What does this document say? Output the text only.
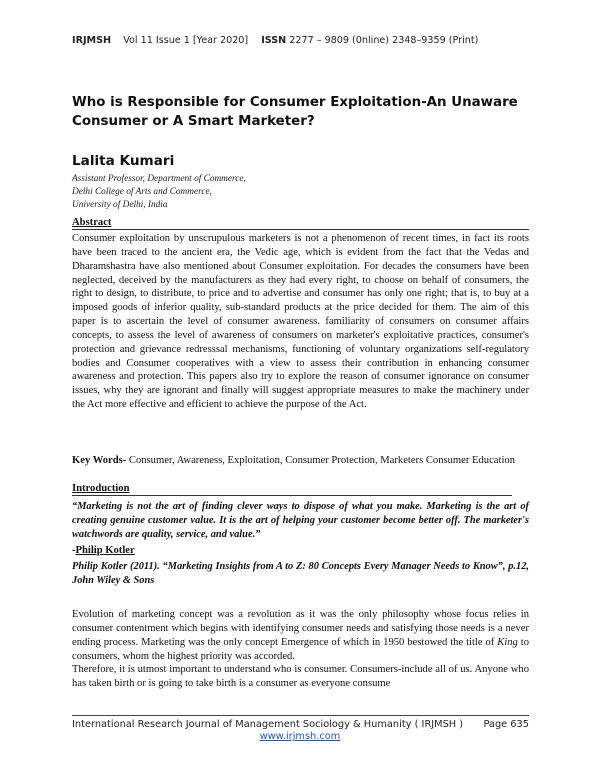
IRJMSH Vol 11 Issue 1 [Year 2020] ISSN 2277 – 9809 (0nline) 2348–9359 (Print)
Who is Responsible for Consumer Exploitation-An Unaware Consumer or A Smart Marketer?
Lalita Kumari
Assistant Professor, Department of Commerce,
Delhi College of Arts and Commerce,
University of Delhi, India
Abstract
Consumer exploitation by unscrupulous marketers is not a phenomenon of recent times, in fact its roots have been traced to the ancient era, the Vedic age, which is evident from the fact that the Vedas and Dharamshastra have also mentioned about Consumer exploitation. For decades the consumers have been neglected, deceived by the manufacturers as they had every right, to choose on behalf of consumers, the right to design, to distribute, to price and to advertise and consumer has only one right; that is, to buy at a imposed goods of inferior quality, sub-standard products at the price decided for them. The aim of this paper is to ascertain the level of consumer awareness. familiarity of consumers on consumer affairs concepts, to assess the level of awareness of consumers on marketer's exploitative practices, consumer's protection and grievance redresssal mechanisms, functioning of voluntary organizations self-regulatory bodies and Consumer cooperatives with a view to assess their contribution in enhancing consumer awareness and protection. This papers also try to explore the reason of consumer ignorance on consumer issues, why they are ignorant and finally will suggest appropriate measures to make the machinery under the Act more effective and efficient to achieve the purpose of the Act.
Key Words- Consumer, Awareness, Exploitation, Consumer Protection, Marketers Consumer Education
Introduction
“Marketing is not the art of finding clever ways to dispose of what you make. Marketing is the art of creating genuine customer value. It is the art of helping your customer become better off. The marketer's watchwords are quality, service, and value.”
-Philip Kotler
Philip Kotler (2011). “Marketing Insights from A to Z: 80 Concepts Every Manager Needs to Know”, p.12, John Wiley & Sons

Evolution of marketing concept was a revolution as it was the only philosophy whose focus relies in consumer contentment which begins with identifying consumer needs and satisfying those needs is a never ending process. Marketing was the only concept Emergence of which in 1950 bestowed the title of King to consumers, whom the highest priority was accorded.

Therefore, it is utmost important to understand who is consumer. Consumers-include all of us. Anyone who has taken birth or is going to take birth is a consumer as everyone consume

International Research Journal of Management Sociology & Humanity ( IRJMSH ) Page 635
www.irjmsh.com
